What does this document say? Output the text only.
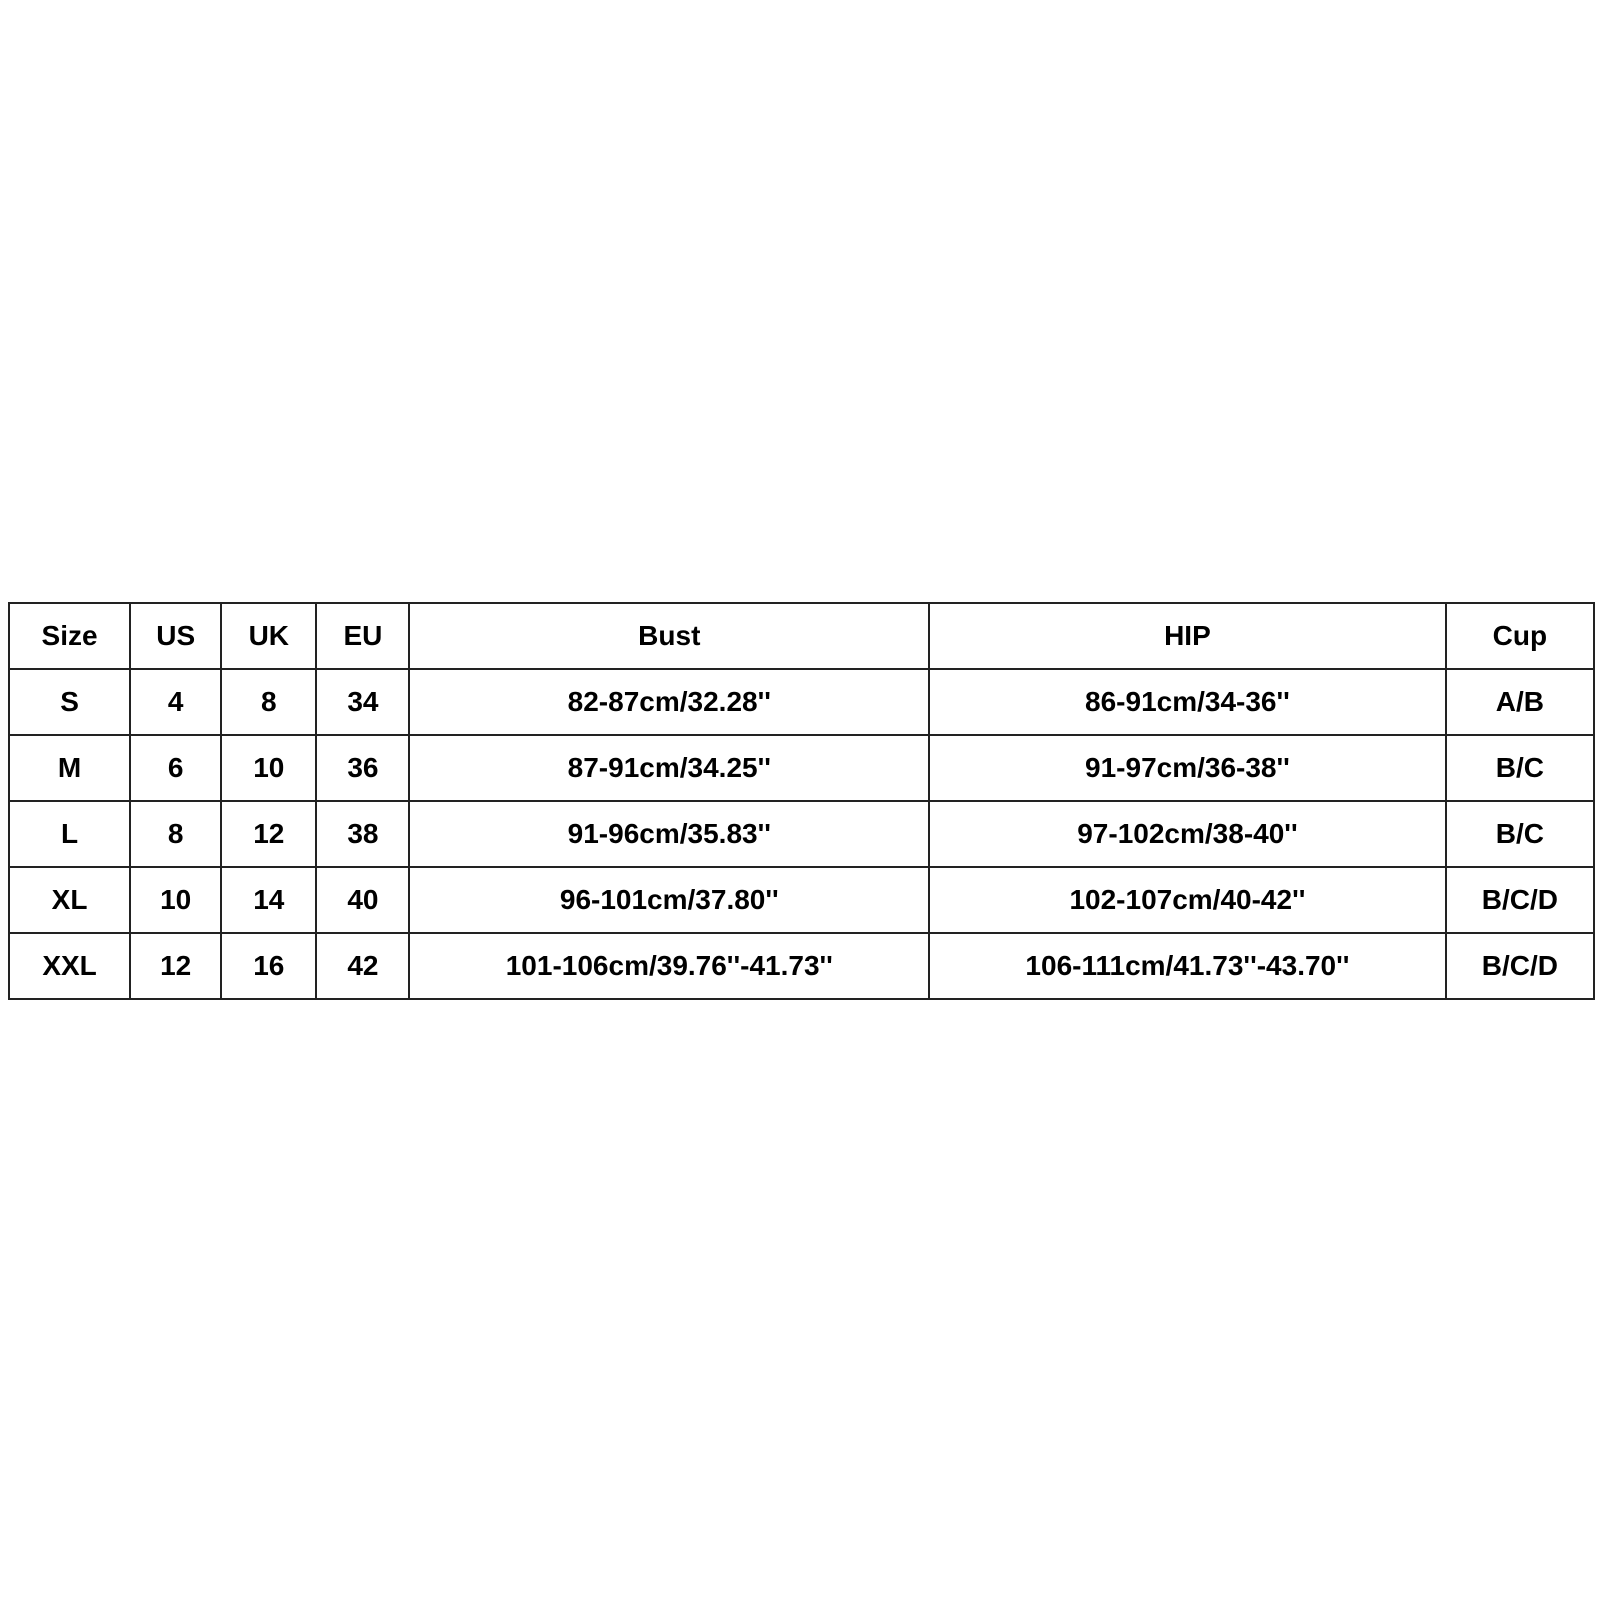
Size	US	UK	EU	Bust	HIP	Cup
S	4	8	34	82-87cm/32.28''	86-91cm/34-36''	A/B
M	6	10	36	87-91cm/34.25''	91-97cm/36-38''	B/C
L	8	12	38	91-96cm/35.83''	97-102cm/38-40''	B/C
XL	10	14	40	96-101cm/37.80''	102-107cm/40-42''	B/C/D
XXL	12	16	42	101-106cm/39.76''-41.73''	106-111cm/41.73''-43.70''	B/C/D
